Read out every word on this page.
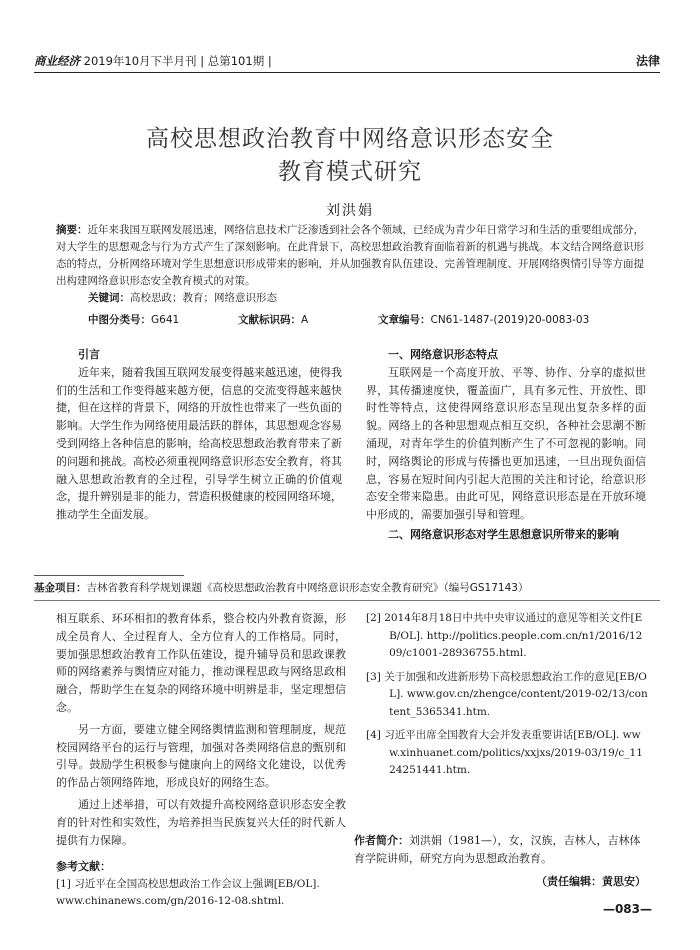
商业经济 2019年10月下半月刊 | 总第101期 |	法律
高校思想政治教育中网络意识形态安全
教育模式研究
刘洪娟
摘要：近年来我国互联网发展迅速，网络信息技术广泛渗透到社会各个领域，已经成为青少年日常学习和生活的重要组成部分，对大学生的思想观念与行为方式产生了深刻影响。在此背景下，高校思想政治教育面临着新的机遇与挑战。本文结合网络意识形态的特点，分析网络环境对学生思想意识形成带来的影响，并从加强教育队伍建设、完善管理制度、开展网络舆情引导等方面提出构建网络意识形态安全教育模式的对策。
关键词：高校思政；教育；网络意识形态
中图分类号：G641	文献标识码：A	文章编号：CN61-1487-(2019)20-0083-03
引言

近年来，随着我国互联网发展变得越来越迅速，使得我们的生活和工作变得越来越方便，信息的交流变得越来越快捷，但在这样的背景下，网络的开放性也带来了一些负面的影响。大学生作为网络使用最活跃的群体，其思想观念容易受到网络上各种信息的影响，给高校思想政治教育带来了新的问题和挑战。高校必须重视网络意识形态安全教育，将其融入思想政治教育的全过程，引导学生树立正确的价值观念，提升辨别是非的能力，营造积极健康的校园网络环境，推动学生全面发展。

一、网络意识形态特点

互联网是一个高度开放、平等、协作、分享的虚拟世界，其传播速度快，覆盖面广，具有多元性、开放性、即时性等特点，这使得网络意识形态呈现出复杂多样的面貌。网络上的各种思想观点相互交织，各种社会思潮不断涌现，对青年学生的价值判断产生了不可忽视的影响。同时，网络舆论的形成与传播也更加迅速，一旦出现负面信息，容易在短时间内引起大范围的关注和讨论，给意识形态安全带来隐患。由此可见，网络意识形态是在开放环境中形成的，需要加强引导和管理。

二、网络意识形态对学生思想意识所带来的影响
基金项目：吉林省教育科学规划课题《高校思想政治教育中网络意识形态安全教育研究》（编号GS17143）

相互联系、环环相扣的教育体系，整合校内外教育资源，形成全员育人、全过程育人、全方位育人的工作格局。同时，要加强思想政治教育工作队伍建设，提升辅导员和思政课教师的网络素养与舆情应对能力，推动课程思政与网络思政相融合，帮助学生在复杂的网络环境中明辨是非，坚定理想信念。

另一方面，要建立健全网络舆情监测和管理制度，规范校园网络平台的运行与管理，加强对各类网络信息的甄别和引导。鼓励学生积极参与健康向上的网络文化建设，以优秀的作品占领网络阵地，形成良好的网络生态。

通过上述举措，可以有效提升高校网络意识形态安全教育的针对性和实效性，为培养担当民族复兴大任的时代新人提供有力保障。

参考文献：
[1] 习近平在全国高校思想政治工作会议上强调[EB/OL]. www.chinanews.com/gn/2016-12-08.shtml.
[2] 2014年8月18日中共中央审议通过的意见等相关文件[EB/OL]. http://politics.people.com.cn/n1/2016/1209/c1001-28936755.html.
[3] 关于加强和改进新形势下高校思想政治工作的意见[EB/OL]. www.gov.cn/zhengce/content/2019-02/13/content_5365341.htm.
[4] 习近平出席全国教育大会并发表重要讲话[EB/OL]. www.xinhuanet.com/politics/xxjxs/2019-03/19/c_1124251441.htm.
作者简介：刘洪娟（1981—），女，汉族，吉林人，吉林体育学院讲师，研究方向为思想政治教育。
（责任编辑：黄思安）
—083—
